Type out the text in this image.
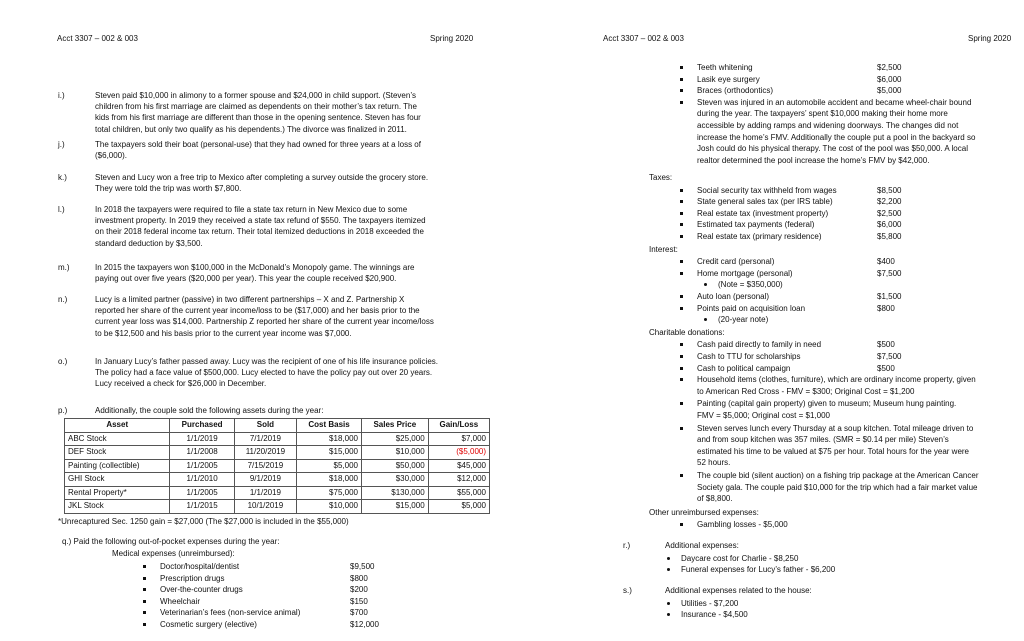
Acct 3307 – 002 & 003	Spring 2020
i.)	Steven paid $10,000 in alimony to a former spouse and $24,000 in child support. (Steven’s
children from his first marriage are claimed as dependents on their mother’s tax return. The
kids from his first marriage are different than those in the opening sentence. Steven has four
total children, but only two qualify as his dependents.) The divorce was finalized in 2011.
j.)	The taxpayers sold their boat (personal-use) that they had owned for three years at a loss of
($6,000).
k.)	Steven and Lucy won a free trip to Mexico after completing a survey outside the grocery store.
They were told the trip was worth $7,800.
l.)	In 2018 the taxpayers were required to file a state tax return in New Mexico due to some
investment property. In 2019 they received a state tax refund of $550. The taxpayers itemized
on their 2018 federal income tax return. Their total itemized deductions in 2018 exceeded the
standard deduction by $3,500.
m.)	In 2015 the taxpayers won $100,000 in the McDonald’s Monopoly game. The winnings are
paying out over five years ($20,000 per year). This year the couple received $20,900.
n.)	Lucy is a limited partner (passive) in two different partnerships – X and Z. Partnership X
reported her share of the current year income/loss to be ($17,000) and her basis prior to the
current year loss was $14,000. Partnership Z reported her share of the current year income/loss
to be $12,500 and his basis prior to the current year income was $7,000.
o.)	In January Lucy’s father passed away. Lucy was the recipient of one of his life insurance policies.
The policy had a face value of $500,000. Lucy elected to have the policy pay out over 20 years.
Lucy received a check for $26,000 in December.
p.)	Additionally, the couple sold the following assets during the year:
Asset	Purchased	Sold	Cost Basis	Sales Price	Gain/Loss
ABC Stock	1/1/2019	7/1/2019	$18,000	$25,000	$7,000
DEF Stock	1/1/2008	11/20/2019	$15,000	$10,000	($5,000)
Painting (collectible)	1/1/2005	7/15/2019	$5,000	$50,000	$45,000
GHI Stock	1/1/2010	9/1/2019	$18,000	$30,000	$12,000
Rental Property*	1/1/2005	1/1/2019	$75,000	$130,000	$55,000
JKL Stock	1/1/2015	10/1/2019	$10,000	$15,000	$5,000
*Unrecaptured Sec. 1250 gain = $27,000 (The $27,000 is included in the $55,000)
q.) Paid the following out-of-pocket expenses during the year:
Medical expenses (unreimbursed):
Doctor/hospital/dentist	$9,500
Prescription drugs	$800
Over-the-counter drugs	$200
Wheelchair	$150
Veterinarian’s fees (non-service animal)	$700
Cosmetic surgery (elective)	$12,000
Acct 3307 – 002 & 003	Spring 2020
Teeth whitening	$2,500
Lasik eye surgery	$6,000
Braces (orthodontics)	$5,000
Steven was injured in an automobile accident and became wheel-chair bound
during the year. The taxpayers’ spent $10,000 making their home more
accessible by adding ramps and widening doorways. The changes did not
increase the home’s FMV. Additionally the couple put a pool in the backyard so
Josh could do his physical therapy. The cost of the pool was $50,000. A local
realtor determined the pool increase the home’s FMV by $42,000.
Taxes:
Social security tax withheld from wages	$8,500
State general sales tax (per IRS table)	$2,200
Real estate tax (investment property)	$2,500
Estimated tax payments (federal)	$6,000
Real estate tax (primary residence)	$5,800
Interest:
Credit card (personal)	$400
Home mortgage (personal)	$7,500
(Note = $350,000)
Auto loan (personal)	$1,500
Points paid on acquisition loan	$800
(20-year note)
Charitable donations:
Cash paid directly to family in need	$500
Cash to TTU for scholarships	$7,500
Cash to political campaign	$500
Household items (clothes, furniture), which are ordinary income property, given
to American Red Cross - FMV = $300; Original Cost = $1,200
Painting (capital gain property) given to museum; Museum hung painting.
FMV = $5,000; Original cost = $1,000
Steven serves lunch every Thursday at a soup kitchen. Total mileage driven to
and from soup kitchen was 357 miles. (SMR = $0.14 per mile) Steven’s
estimated his time to be valued at $75 per hour. Total hours for the year were
52 hours.
The couple bid (silent auction) on a fishing trip package at the American Cancer
Society gala. The couple paid $10,000 for the trip which had a fair market value
of $8,800.
Other unreimbursed expenses:
Gambling losses - $5,000
r.)	Additional expenses:
Daycare cost for Charlie - $8,250
Funeral expenses for Lucy’s father - $6,200
s.)	Additional expenses related to the house:
Utilities - $7,200
Insurance - $4,500
